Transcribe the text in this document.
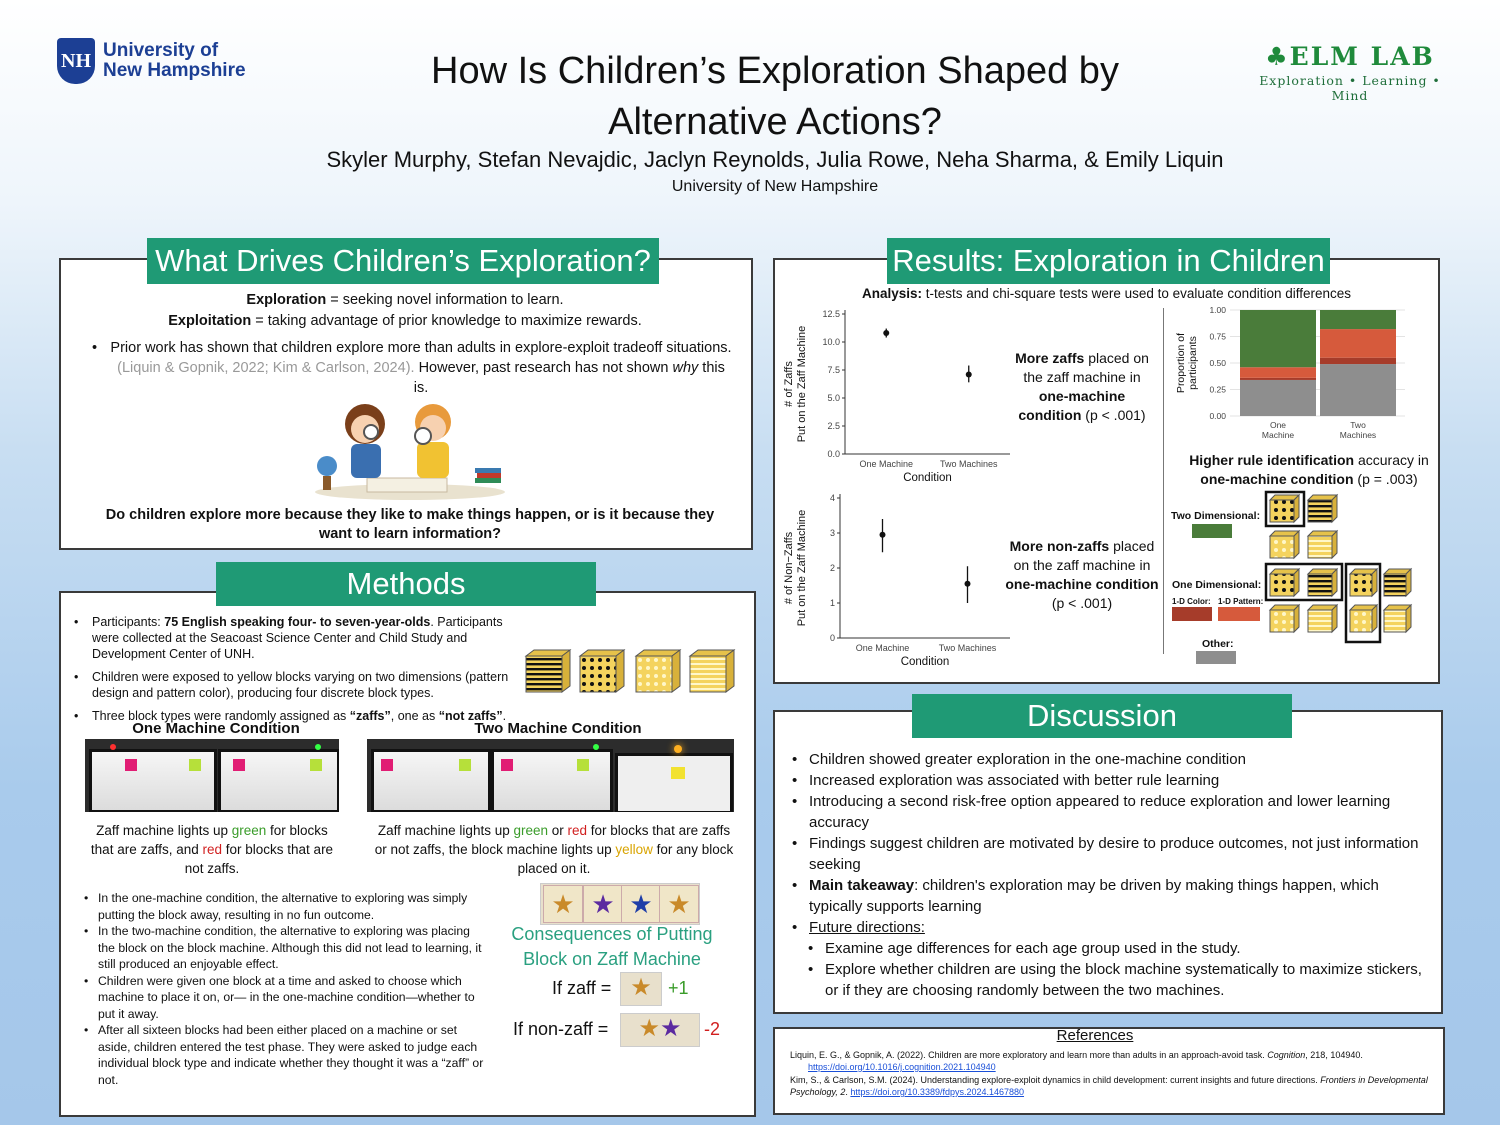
NH University of
New Hampshire	How Is Children’s Exploration Shaped by
Alternative Actions?
Skyler Murphy, Stefan Nevajdic, Jaclyn Reynolds, Julia Rowe, Neha Sharma, & Emily Liquin
University of New Hampshire
♣ELM LAB
Exploration • Learning • Mind
What Drives Children’s Exploration?
Exploration = seeking novel information to learn.
Exploitation = taking advantage of prior knowledge to maximize rewards.
• Prior work has shown that children explore more than adults in explore-exploit tradeoff situations. (Liquin & Gopnik, 2022; Kim & Carlson, 2024). However, past research has not shown why this is.
Do children explore more because they like to make things happen, or is it because they want to learn information?
Methods
• Participants: 75 English speaking four- to seven-year-olds. Participants were collected at the Seacoast Science Center and Child Study and Development Center of UNH.
• Children were exposed to yellow blocks varying on two dimensions (pattern design and pattern color), producing four discrete block types.
• Three block types were randomly assigned as “zaffs”, one as “not zaffs”.
One Machine Condition	Two Machine Condition
Zaff machine lights up green for blocks that are zaffs, and red for blocks that are not zaffs.
Zaff machine lights up green or red for blocks that are zaffs or not zaffs, the block machine lights up yellow for any block placed on it.
• In the one-machine condition, the alternative to exploring was simply putting the block away, resulting in no fun outcome.
• In the two-machine condition, the alternative to exploring was placing the block on the block machine. Although this did not lead to learning, it still produced an enjoyable effect.
• Children were given one block at a time and asked to choose which machine to place it on, or— in the one-machine condition—whether to put it away.
• After all sixteen blocks had been either placed on a machine or set aside, children entered the test phase. They were asked to judge each individual block type and indicate whether they thought it was a “zaff” or not.
★ ★ ★ ★
Consequences of Putting Block on Zaff Machine
If zaff = ★ +1
If non-zaff =	★★	-2
Results: Exploration in Children
Analysis: t-tests and chi-square tests were used to evaluate condition differences
0.0
2.5
5.0
7.5
10.0
12.5
One Machine	Two Machines
Condition
# of Zaffs Put on the Zaff Machine
0
1
2
3
4
One Machine	Two Machines
Condition
# of Non−Zaffs Put on the Zaff Machine
0.00
0.25
0.50
0.75
1.00
One
Machine
Two
Machines
Proportion of participants
More zaffs placed on the zaff machine in one-machine condition (p < .001)
More non-zaffs placed on the zaff machine in one-machine condition (p < .001)
Higher rule identification accuracy in one-machine condition (p = .003)
Two Dimensional:
One Dimensional:
1-D Color: 1-D Pattern:
Other:
Discussion
• Children showed greater exploration in the one-machine condition
• Increased exploration was associated with better rule learning
• Introducing a second risk-free option appeared to reduce exploration and lower learning accuracy
• Findings suggest children are motivated by desire to produce outcomes, not just information seeking
• Main takeaway: children's exploration may be driven by making things happen, which typically supports learning
• Future directions:
• Examine age differences for each age group used in the study.
• Explore whether children are using the block machine systematically to maximize stickers, or if they are choosing randomly between the two machines.
References
Liquin, E. G., & Gopnik, A. (2022). Children are more exploratory and learn more than adults in an approach-avoid task. Cognition, 218, 104940.
https://doi.org/10.1016/j.cognition.2021.104940
Kim, S., & Carlson, S.M. (2024). Understanding explore-exploit dynamics in child development: current insights and future directions. Frontiers in Developmental Psychology, 2. https://doi.org/10.3389/fdpys.2024.1467880
